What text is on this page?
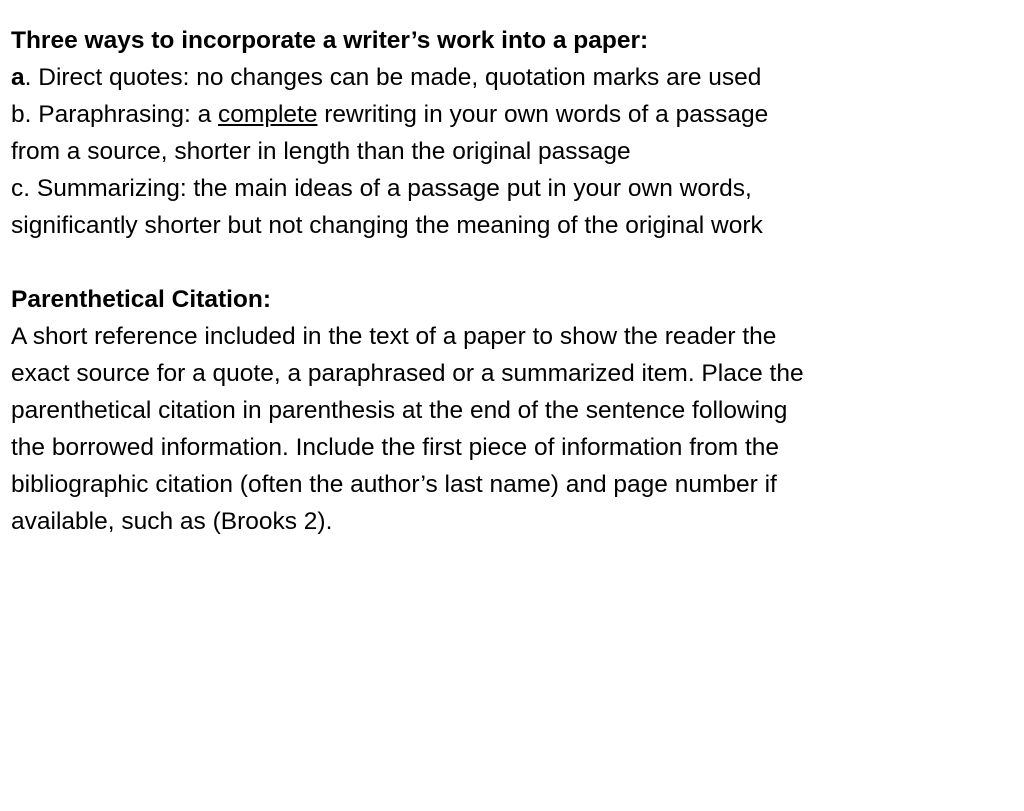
Three ways to incorporate a writer’s work into a paper:
a. Direct quotes: no changes can be made, quotation marks are used
b. Paraphrasing: a complete rewriting in your own words of a passage
from a source, shorter in length than the original passage
c. Summarizing: the main ideas of a passage put in your own words,
significantly shorter but not changing the meaning of the original work
Parenthetical Citation:
A short reference included in the text of a paper to show the reader the
exact source for a quote, a paraphrased or a summarized item. Place the
parenthetical citation in parenthesis at the end of the sentence following
the borrowed information. Include the first piece of information from the
bibliographic citation (often the author’s last name) and page number if
available, such as (Brooks 2).
